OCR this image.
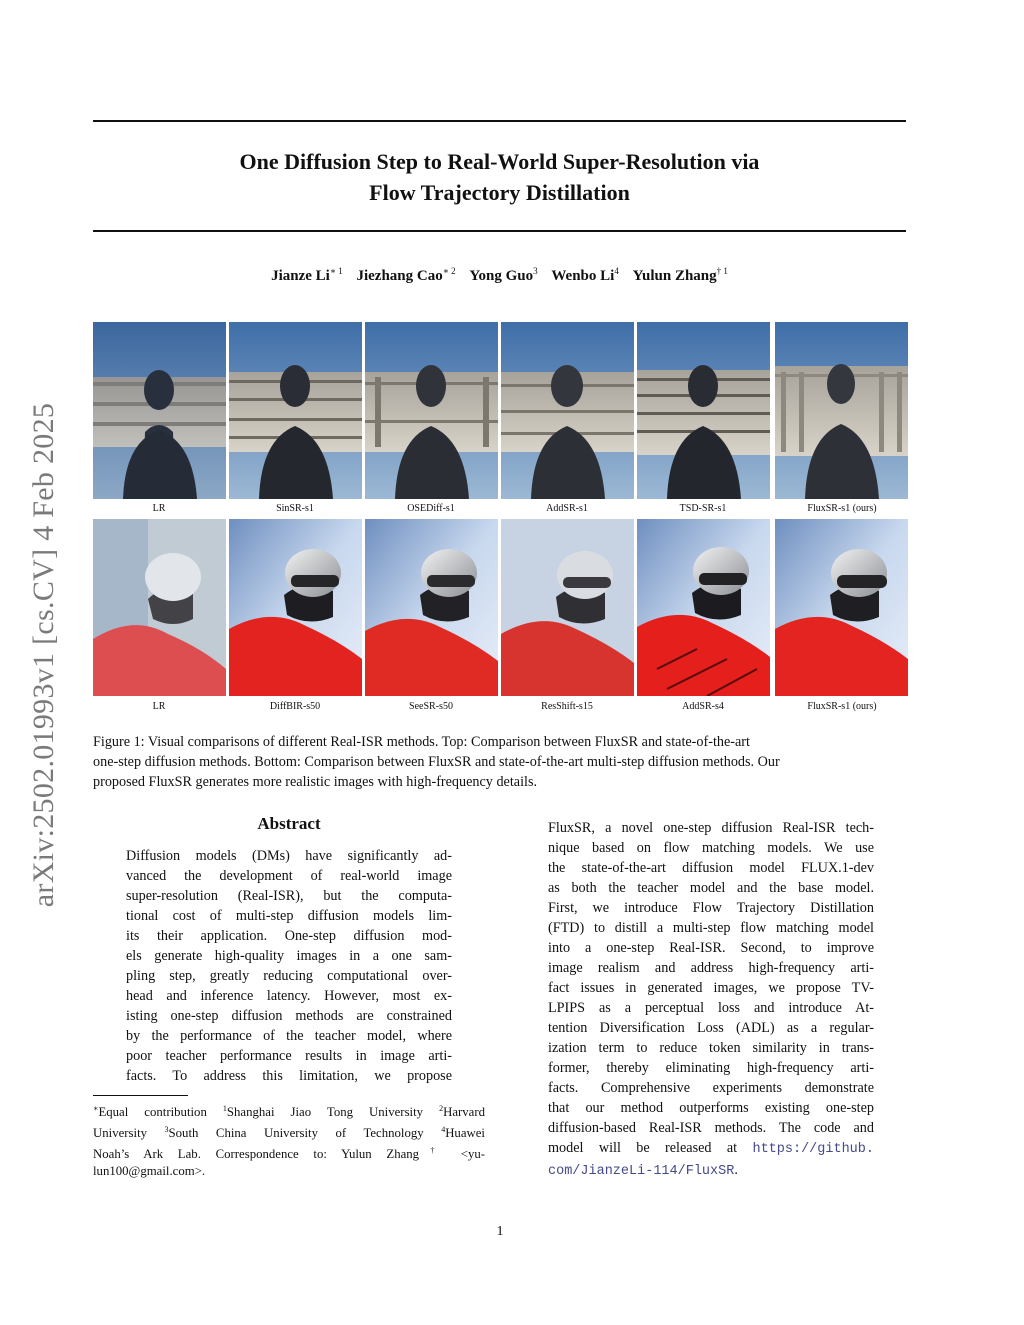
arXiv:2502.01993v1 [cs.CV] 4 Feb 2025
One Diffusion Step to Real-World Super-Resolution via
Flow Trajectory Distillation
Jianze $Li^{∗ 1}$ Jiezhang Cao$^{∗ 2}$ Yong Guo$^3$ Wenbo Li$^4$ Yulun Zhang$^{\dagger 1}$
LR	SinSR-s1	OSEDiff-s1	AddSR-s1	TSD-SR-s1	FluxSR-s1 (ours)
LR	DiffBIR-s50	SeeSR-s50	ResShift-s15	AddSR-s4	FluxSR-s1 (ours)
Figure 1: Visual comparisons of different Real-ISR methods. Top: Comparison between FluxSR and state-of-the-art
one-step diffusion methods. Bottom: Comparison between FluxSR and state-of-the-art multi-step diffusion methods. Our
proposed FluxSR generates more realistic images with high-frequency details.
Abstract
Diffusion models (DMs) have significantly ad-
vanced the development of real-world image
super-resolution (Real-ISR), but the computa-
tional cost of multi-step diffusion models lim-
its their application. One-step diffusion mod-
els generate high-quality images in a one sam-
pling step, greatly reducing computational over-
head and inference latency. However, most ex-
isting one-step diffusion methods are constrained
by the performance of the teacher model, where
poor teacher performance results in image arti-
facts. To address this limitation, we propose
∗Equal contribution $^1$Shanghai Jiao Tong University $^2$Harvard
University $^3$South China University of Technology $^4$Huawei
Noah’s Ark Lab. Correspondence to: Yulun Zhang† <yu-
lun100@gmail.com>.
FluxSR, a novel one-step diffusion Real-ISR tech-
nique based on flow matching models. We use
the state-of-the-art diffusion model FLUX.1-dev
as both the teacher model and the base model.
First, we introduce Flow Trajectory Distillation
(FTD) to distill a multi-step flow matching model
into a one-step Real-ISR. Second, to improve
image realism and address high-frequency arti-
fact issues in generated images, we propose TV-
LPIPS as a perceptual loss and introduce At-
tention Diversification Loss (ADL) as a regular-
ization term to reduce token similarity in trans-
former, thereby eliminating high-frequency arti-
facts. Comprehensive experiments demonstrate
that our method outperforms existing one-step
diffusion-based Real-ISR methods. The code and
model will be released at https://github.
com/JianzeLi-114/FluxSR.
1
